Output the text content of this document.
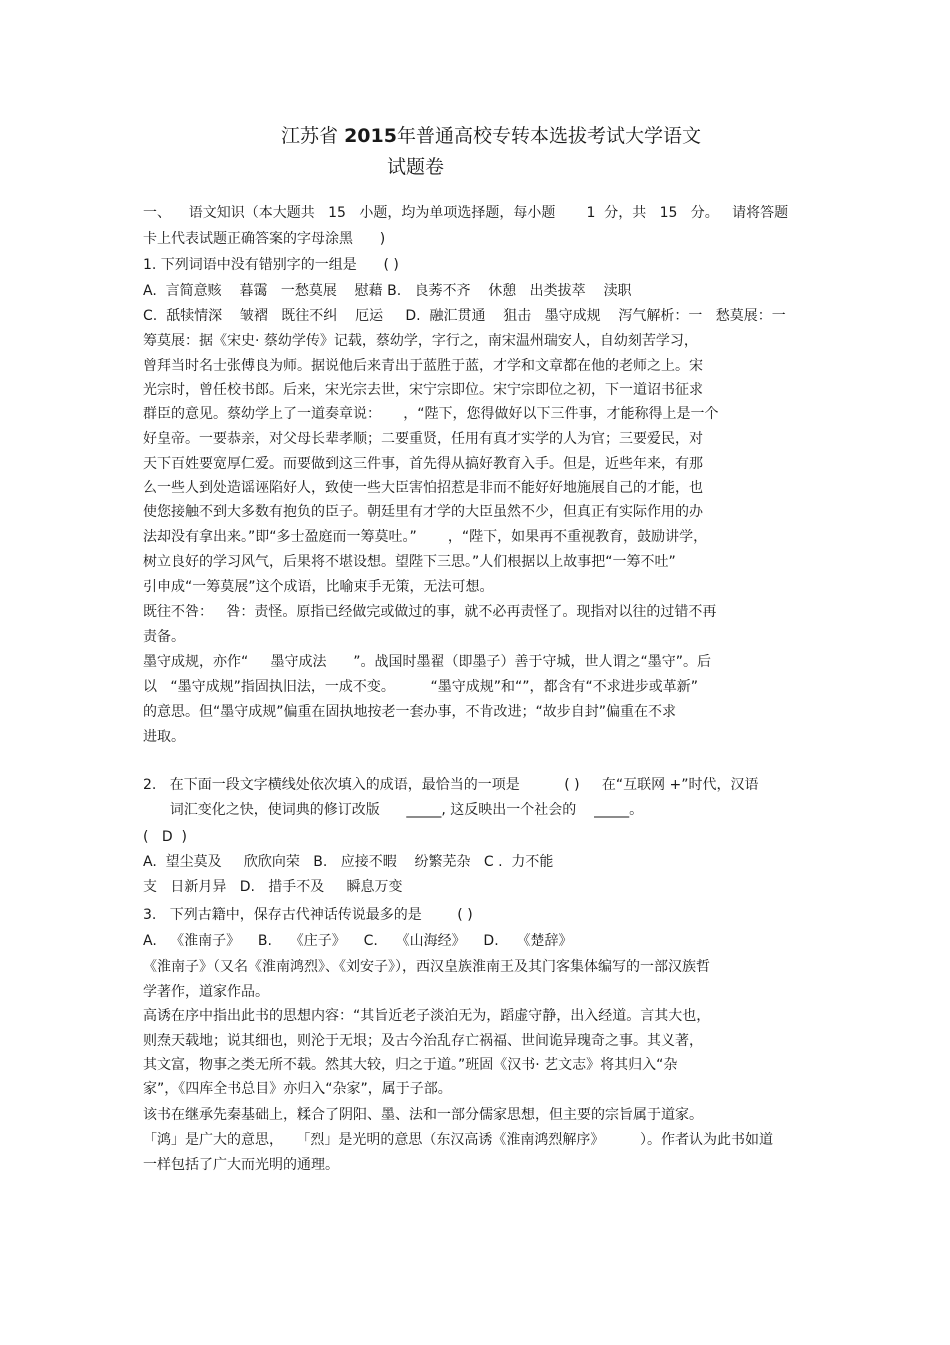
江苏省 2015年普通高校专转本选拔考试大学语文
试题卷
一、    语文知识（本大题共   15   小题，均为单项选择题，每小题       1  分，共   15   分。   请将答题
卡上代表试题正确答案的字母涂黑      )
1. 下列词语中没有错别字的一组是      ( )
A.  言简意赅    暮霭   一愁莫展    慰藉 B.   良莠不齐    休憩   出类拔萃    渎职
C.  舐犊情深    皱褶   既往不纠    厄运     D.  融汇贯通    狙击   墨守成规    泻气解析：一   愁莫展：一
筹莫展：据《宋史· 蔡幼学传》记载，蔡幼学，字行之，南宋温州瑞安人，自幼刻苦学习，
曾拜当时名士张傅良为师。据说他后来青出于蓝胜于蓝，才学和文章都在他的老师之上。宋
光宗时，曾任校书郎。后来，宋光宗去世，宋宁宗即位。宋宁宗即位之初，下一道诏书征求
群臣的意见。蔡幼学上了一道奏章说：     ，“陛下，您得做好以下三件事，才能称得上是一个
好皇帝。一要恭亲，对父母长辈孝顺；二要重贤，任用有真才实学的人为官；三要爱民，对
天下百姓要宽厚仁爱。而要做到这三件事，首先得从搞好教育入手。但是，近些年来，有那
么一些人到处造谣诬陷好人，致使一些大臣害怕招惹是非而不能好好地施展自己的才能，也
使您接触不到大多数有抱负的臣子。朝廷里有才学的大臣虽然不少，但真正有实际作用的办
法却没有拿出来。”即“多士盈庭而一筹莫吐。”       ，“陛下，如果再不重视教育，鼓励讲学，
树立良好的学习风气，后果将不堪设想。望陛下三思。”人们根据以上故事把“一筹不吐”
引申成“一筹莫展”这个成语，比喻束手无策，无法可想。
既往不咎：   咎：责怪。原指已经做完或做过的事，就不必再责怪了。现指对以往的过错不再
责备。
墨守成规，亦作“     墨守成法      ”。战国时墨翟（即墨子）善于守城，世人谓之“墨守”。后
以   “墨守成规”指固执旧法，一成不变。        “墨守成规”和“”，都含有“不求进步或革新”
的意思。但“墨守成规”偏重在固执地按老一套办事，不肯改进；“故步自封”偏重在不求
进取。
2.   在下面一段文字横线处依次填入的成语，最恰当的一项是          ( )     在“互联网 +”时代，汉语
词汇变化之快，使词典的修订改版      _____, 这反映出一个社会的    _____。
(   D  )
A.  望尘莫及     欣欣向荣   B.   应接不暇    纷繁芜杂   C .  力不能
支   日新月异   D.   措手不及     瞬息万变
3.   下列古籍中，保存古代神话传说最多的是        ( )
A.   《淮南子》    B.    《庄子》    C.    《山海经》    D.    《楚辞》
《淮南子》（又名《淮南鸿烈》、《刘安子》），西汉皇族淮南王及其门客集体编写的一部汉族哲
学著作，道家作品。
高诱在序中指出此书的思想内容：“其旨近老子淡泊无为，蹈虚守静，出入经道。言其大也，
则焘天载地；说其细也，则沦于无垠；及古今治乱存亡祸福、世间诡异瑰奇之事。其义著，
其文富，物事之类无所不载。然其大较，归之于道。”班固《汉书· 艺文志》将其归入“杂
家”，《四库全书总目》亦归入“杂家”，属于子部。
该书在继承先秦基础上，糅合了阴阳、墨、法和一部分儒家思想，但主要的宗旨属于道家。
「鸿」是广大的意思，   「烈」是光明的意思（东汉高诱《淮南鸿烈解序》        ）。作者认为此书如道
一样包括了广大而光明的通理。
